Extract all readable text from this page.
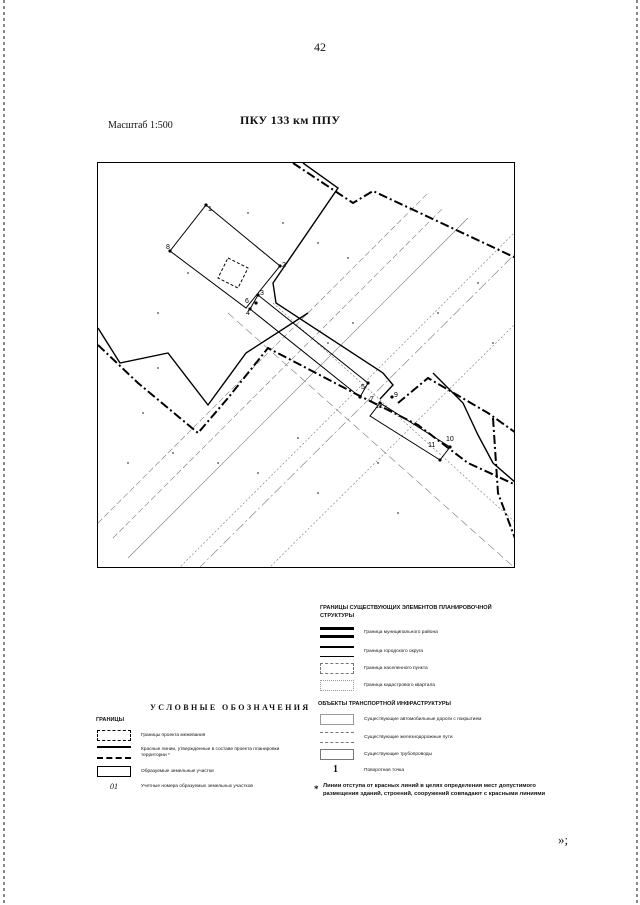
42
Масштаб 1:500	ПКУ 133 км ППУ
1
2
3
4
5
6
7
8
9
10
11
12
ГРАНИЦЫ СУЩЕСТВУЮЩИХ ЭЛЕМЕНТОВ ПЛАНИРОВОЧНОЙ СТРУКТУРЫ
Граница муниципального района
Граница городского округа
Граница населенного пункта
Граница кадастрового квартала
ОБЪЕКТЫ ТРАНСПОРТНОЙ ИНФРАСТРУКТУРЫ
Существующие автомобильные дороги с покрытием
Существующие железнодорожные пути
Существующие трубопроводы
1	Поворотная точка
* Линии отступа от красных линий в целях определения мест допустимого размещения зданий, строений, сооружений совпадают с красными линиями
УСЛОВНЫЕ ОБОЗНАЧЕНИЯ
ГРАНИЦЫ
Границы проекта межевания
Красные линии, утвержденные в составе проекта планировки территории *
Образуемые земельные участки
01	Учетные номера образуемых земельных участков
»;
